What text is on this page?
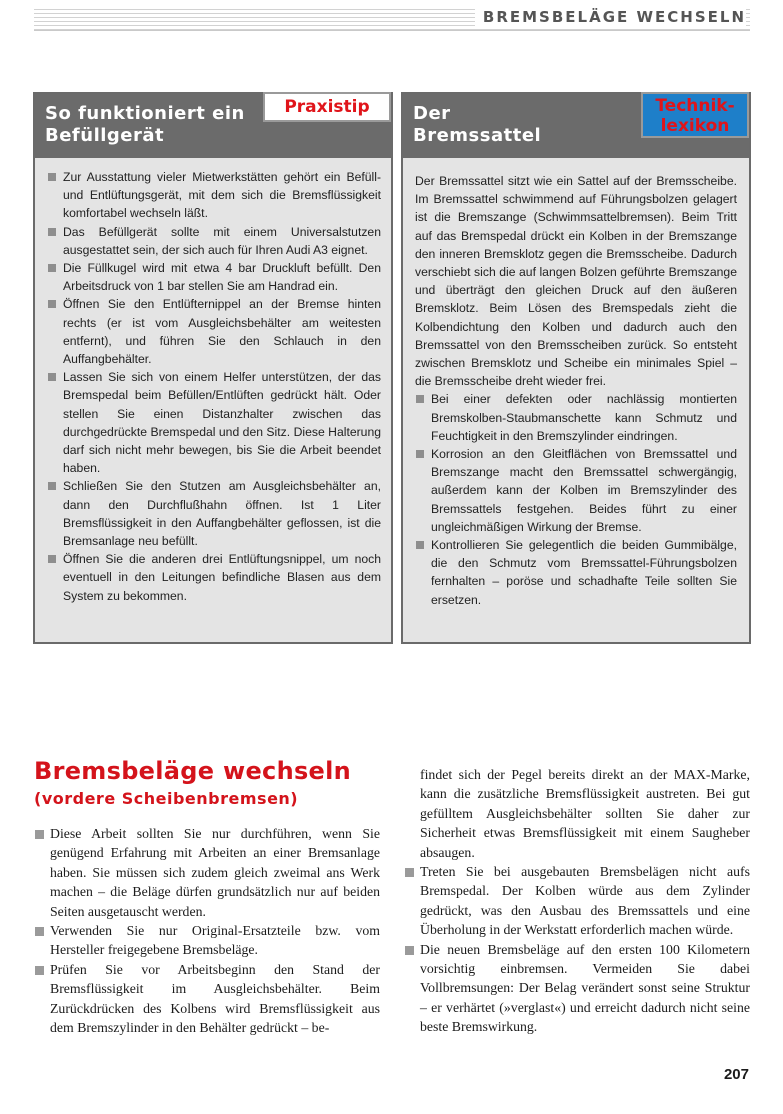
BREMSBELÄGE WECHSELN
So funktioniert ein
Befüllgerät
Praxistip

Zur Ausstattung vieler Mietwerkstätten gehört ein Befüll- und Entlüftungsgerät, mit dem sich die Bremsflüssigkeit komfortabel wechseln läßt.

Das Befüllgerät sollte mit einem Universalstutzen ausgestattet sein, der sich auch für Ihren Audi A3 eignet.

Die Füllkugel wird mit etwa 4 bar Druckluft befüllt. Den Arbeitsdruck von 1 bar stellen Sie am Handrad ein.

Öffnen Sie den Entlüfternippel an der Bremse hinten rechts (er ist vom Ausgleichsbehälter am weitesten entfernt), und führen Sie den Schlauch in den Auffangbehälter.

Lassen Sie sich von einem Helfer unterstützen, der das Bremspedal beim Befüllen/Entlüften gedrückt hält. Oder stellen Sie einen Distanzhalter zwischen das durchgedrückte Bremspedal und den Sitz. Diese Halterung darf sich nicht mehr bewegen, bis Sie die Arbeit beendet haben.

Schließen Sie den Stutzen am Ausgleichsbehälter an, dann den Durchflußhahn öffnen. Ist 1 Liter Bremsflüssigkeit in den Auffangbehälter geflossen, ist die Bremsanlage neu befüllt.

Öffnen Sie die anderen drei Entlüftungsnippel, um noch eventuell in den Leitungen befindliche Blasen aus dem System zu bekommen.

Der
Bremssattel
Technik-
lexikon

Der Bremssattel sitzt wie ein Sattel auf der Bremsscheibe. Im Bremssattel schwimmend auf Führungsbolzen gelagert ist die Bremszange (Schwimmsattelbremsen). Beim Tritt auf das Bremspedal drückt ein Kolben in der Bremszange den inneren Bremsklotz gegen die Bremsscheibe. Dadurch verschiebt sich die auf langen Bolzen geführte Bremszange und überträgt den gleichen Druck auf den äußeren Bremsklotz. Beim Lösen des Bremspedals zieht die Kolbendichtung den Kolben und dadurch auch den Bremssattel von den Bremsscheiben zurück. So entsteht zwischen Bremsklotz und Scheibe ein minimales Spiel – die Bremsscheibe dreht wieder frei.

Bei einer defekten oder nachlässig montierten Bremskolben-Staubmanschette kann Schmutz und Feuchtigkeit in den Bremszylinder eindringen.

Korrosion an den Gleitflächen von Bremssattel und Bremszange macht den Bremssattel schwergängig, außerdem kann der Kolben im Bremszylinder des Bremssattels festgehen. Beides führt zu einer ungleichmäßigen Wirkung der Bremse.

Kontrollieren Sie gelegentlich die beiden Gummibälge, die den Schmutz vom Bremssattel-Führungsbolzen fernhalten – poröse und schadhafte Teile sollten Sie ersetzen.

Bremsbeläge wechseln
(vordere Scheibenbremsen)

Diese Arbeit sollten Sie nur durchführen, wenn Sie genügend Erfahrung mit Arbeiten an einer Bremsanlage haben. Sie müssen sich zudem gleich zweimal ans Werk machen – die Beläge dürfen grundsätzlich nur auf beiden Seiten ausgetauscht werden.

Verwenden Sie nur Original-Ersatzteile bzw. vom Hersteller freigegebene Bremsbeläge.

Prüfen Sie vor Arbeitsbeginn den Stand der Bremsflüssigkeit im Ausgleichsbehälter. Beim Zurückdrücken des Kolbens wird Bremsflüssigkeit aus dem Bremszylinder in den Behälter gedrückt – be-

findet sich der Pegel bereits direkt an der MAX-Marke, kann die zusätzliche Bremsflüssigkeit austreten. Bei gut gefülltem Ausgleichsbehälter sollten Sie daher zur Sicherheit etwas Bremsflüssigkeit mit einem Saugheber absaugen.

Treten Sie bei ausgebauten Bremsbelägen nicht aufs Bremspedal. Der Kolben würde aus dem Zylinder gedrückt, was den Ausbau des Bremssattels und eine Überholung in der Werkstatt erforderlich machen würde.

Die neuen Bremsbeläge auf den ersten 100 Kilometern vorsichtig einbremsen. Vermeiden Sie dabei Vollbremsungen: Der Belag verändert sonst seine Struktur – er verhärtet (»verglast«) und erreicht dadurch nicht seine beste Bremswirkung.

207
